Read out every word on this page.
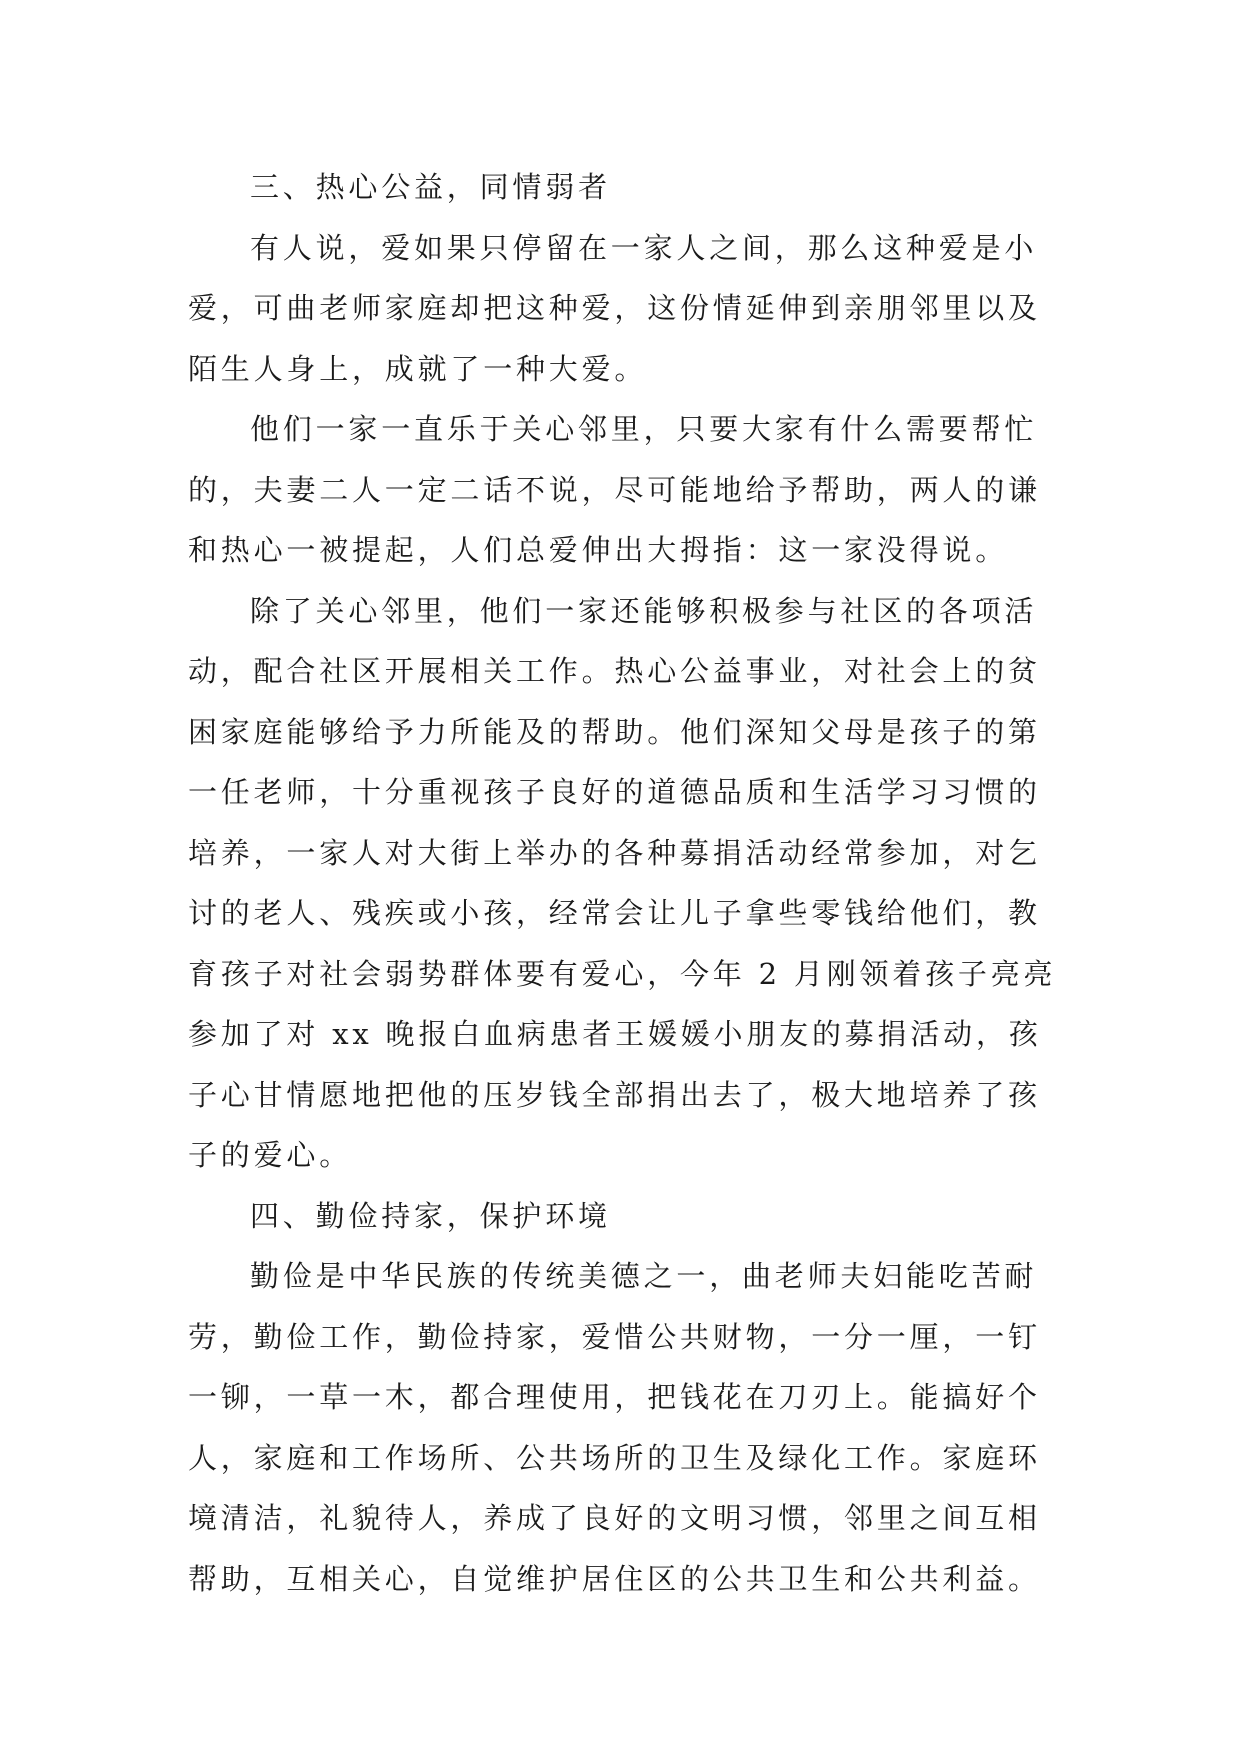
三、热心公益，同情弱者
有人说，爱如果只停留在一家人之间，那么这种爱是小
爱，可曲老师家庭却把这种爱，这份情延伸到亲朋邻里以及
陌生人身上，成就了一种大爱。
他们一家一直乐于关心邻里，只要大家有什么需要帮忙
的，夫妻二人一定二话不说，尽可能地给予帮助，两人的谦
和热心一被提起，人们总爱伸出大拇指：这一家没得说。
除了关心邻里，他们一家还能够积极参与社区的各项活
动，配合社区开展相关工作。热心公益事业，对社会上的贫
困家庭能够给予力所能及的帮助。他们深知父母是孩子的第
一任老师，十分重视孩子良好的道德品质和生活学习习惯的
培养，一家人对大街上举办的各种募捐活动经常参加，对乞
讨的老人、残疾或小孩，经常会让儿子拿些零钱给他们，教
育孩子对社会弱势群体要有爱心，今年 2 月刚领着孩子亮亮
参加了对 xx 晚报白血病患者王媛媛小朋友的募捐活动，孩
子心甘情愿地把他的压岁钱全部捐出去了，极大地培养了孩
子的爱心。
四、勤俭持家，保护环境
勤俭是中华民族的传统美德之一，曲老师夫妇能吃苦耐
劳，勤俭工作，勤俭持家，爱惜公共财物，一分一厘，一钉
一铆，一草一木，都合理使用，把钱花在刀刃上。能搞好个
人，家庭和工作场所、公共场所的卫生及绿化工作。家庭环
境清洁，礼貌待人，养成了良好的文明习惯，邻里之间互相
帮助，互相关心，自觉维护居住区的公共卫生和公共利益。
